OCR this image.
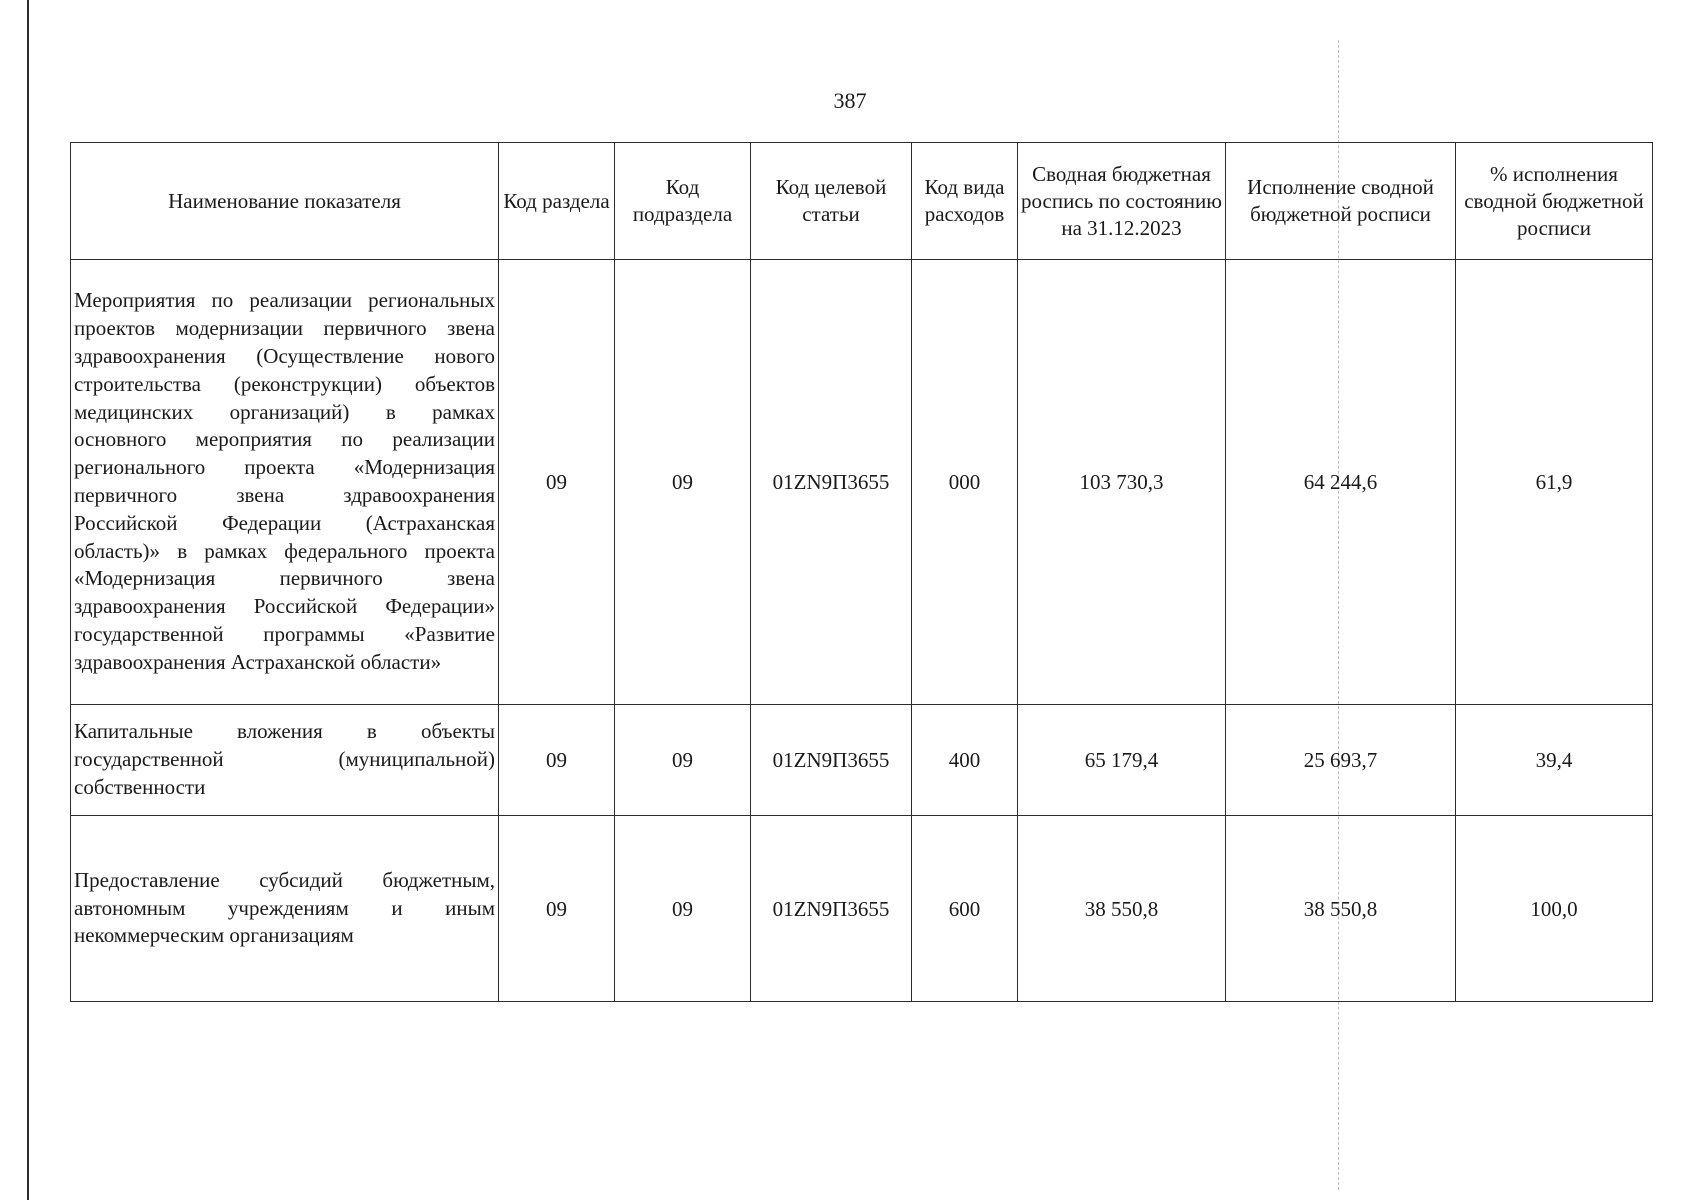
387
Наименование показателя	Код раздела	Код подраздела	Код целевой статьи	Код вида расходов	Сводная бюджетная роспись по состоянию на 31.12.2023	Исполнение сводной бюджетной росписи	% исполнения сводной бюджетной росписи
Мероприятия по реализации региональных проектов модернизации первичного звена здравоохранения (Осуществление нового строительства (реконструкции) объектов медицинских организаций) в рамках основного мероприятия по реализации регионального проекта «Модернизация первичного звена здравоохранения Российской Федерации (Астраханская область)» в рамках федерального проекта «Модернизация первичного звена здравоохранения Российской Федерации» государственной программы «Развитие здравоохранения Астраханской области»	09	09	01ZN9П3655	000	103 730,3	64 244,6	61,9
Капитальные вложения в объекты государственной (муниципальной) собственности	09	09	01ZN9П3655	400	65 179,4	25 693,7	39,4
Предоставление субсидий бюджетным, автономным учреждениям и иным некоммерческим организациям	09	09	01ZN9П3655	600	38 550,8	38 550,8	100,0
